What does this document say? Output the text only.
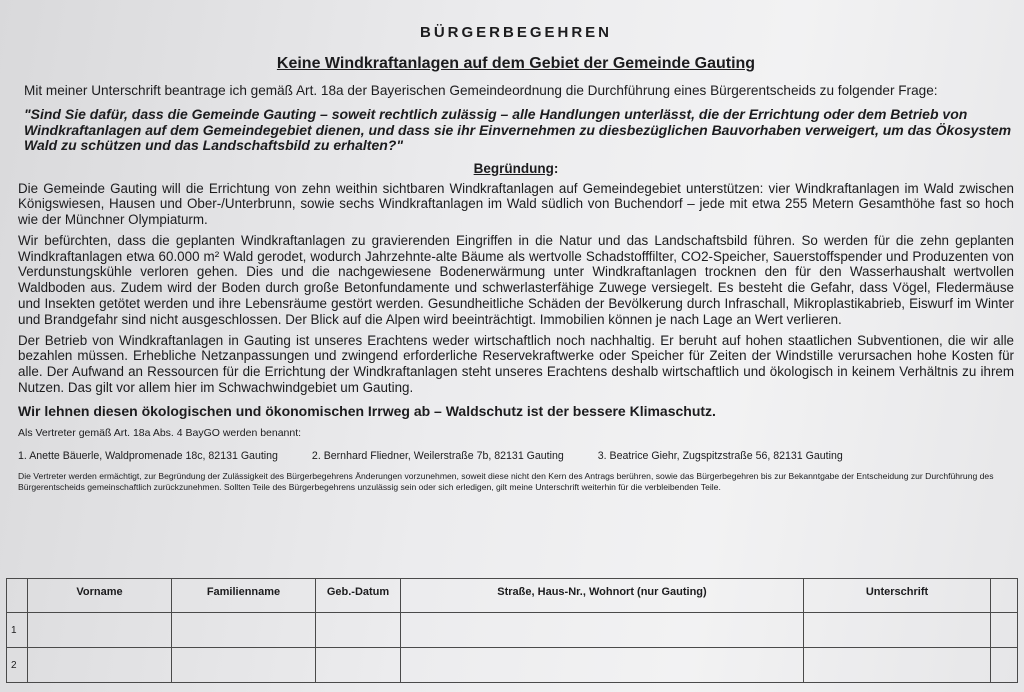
BÜRGERBEGEHREN

Keine Windkraftanlagen auf dem Gebiet der Gemeinde Gauting

Mit meiner Unterschrift beantrage ich gemäß Art. 18a der Bayerischen Gemeindeordnung die Durchführung eines Bürgerentscheids zu folgender Frage:

"Sind Sie dafür, dass die Gemeinde Gauting – soweit rechtlich zulässig – alle Handlungen unterlässt, die der Errichtung oder dem Betrieb von Windkraftanlagen auf dem Gemeindegebiet dienen, und dass sie ihr Einvernehmen zu diesbezüglichen Bauvorhaben verweigert, um das Ökosystem Wald zu schützen und das Landschaftsbild zu erhalten?"

Begründung:

Die Gemeinde Gauting will die Errichtung von zehn weithin sichtbaren Windkraftanlagen auf Gemeindegebiet unterstützen: vier Windkraftanlagen im Wald zwischen Königswiesen, Hausen und Ober-/Unterbrunn, sowie sechs Windkraftanlagen im Wald südlich von Buchendorf – jede mit etwa 255 Metern Gesamthöhe fast so hoch wie der Münchner Olympiaturm.

Wir befürchten, dass die geplanten Windkraftanlagen zu gravierenden Eingriffen in die Natur und das Landschaftsbild führen. So werden für die zehn geplanten Windkraftanlagen etwa 60.000 m² Wald gerodet, wodurch Jahrzehnte-alte Bäume als wertvolle Schadstofffilter, CO2-Speicher, Sauerstoffspender und Produzenten von Verdunstungskühle verloren gehen. Dies und die nachgewiesene Bodenerwärmung unter Windkraftanlagen trocknen den für den Wasserhaushalt wertvollen Waldboden aus. Zudem wird der Boden durch große Betonfundamente und schwerlasterfähige Zuwege versiegelt. Es besteht die Gefahr, dass Vögel, Fledermäuse und Insekten getötet werden und ihre Lebensräume gestört werden. Gesundheitliche Schäden der Bevölkerung durch Infraschall, Mikroplastikabrieb, Eiswurf im Winter und Brandgefahr sind nicht ausgeschlossen. Der Blick auf die Alpen wird beeinträchtigt. Immobilien können je nach Lage an Wert verlieren.

Der Betrieb von Windkraftanlagen in Gauting ist unseres Erachtens weder wirtschaftlich noch nachhaltig. Er beruht auf hohen staatlichen Subventionen, die wir alle bezahlen müssen. Erhebliche Netzanpassungen und zwingend erforderliche Reservekraftwerke oder Speicher für Zeiten der Windstille verursachen hohe Kosten für alle. Der Aufwand an Ressourcen für die Errichtung der Windkraftanlagen steht unseres Erachtens deshalb wirtschaftlich und ökologisch in keinem Verhältnis zu ihrem Nutzen. Das gilt vor allem hier im Schwachwindgebiet um Gauting.

Wir lehnen diesen ökologischen und ökonomischen Irrweg ab – Waldschutz ist der bessere Klimaschutz.

Als Vertreter gemäß Art. 18a Abs. 4 BayGO werden benannt:

1. Anette Bäuerle, Waldpromenade 18c, 82131 Gauting	2. Bernhard Fliedner, Weilerstraße 7b, 82131 Gauting	3. Beatrice Giehr, Zugspitzstraße 56, 82131 Gauting

Die Vertreter werden ermächtigt, zur Begründung der Zulässigkeit des Bürgerbegehrens Änderungen vorzunehmen, soweit diese nicht den Kern des Antrags berühren, sowie das Bürgerbegehren bis zur Bekanntgabe der Entscheidung zur Durchführung des Bürgerentscheids gemeinschaftlich zurückzunehmen. Sollten Teile des Bürgerbegehrens unzulässig sein oder sich erledigen, gilt meine Unterschrift weiterhin für die verbleibenden Teile.

	Vorname	Familienname	Geb.-Datum	Straße, Haus-Nr., Wohnort (nur Gauting)	Unterschrift	
1						
2						
